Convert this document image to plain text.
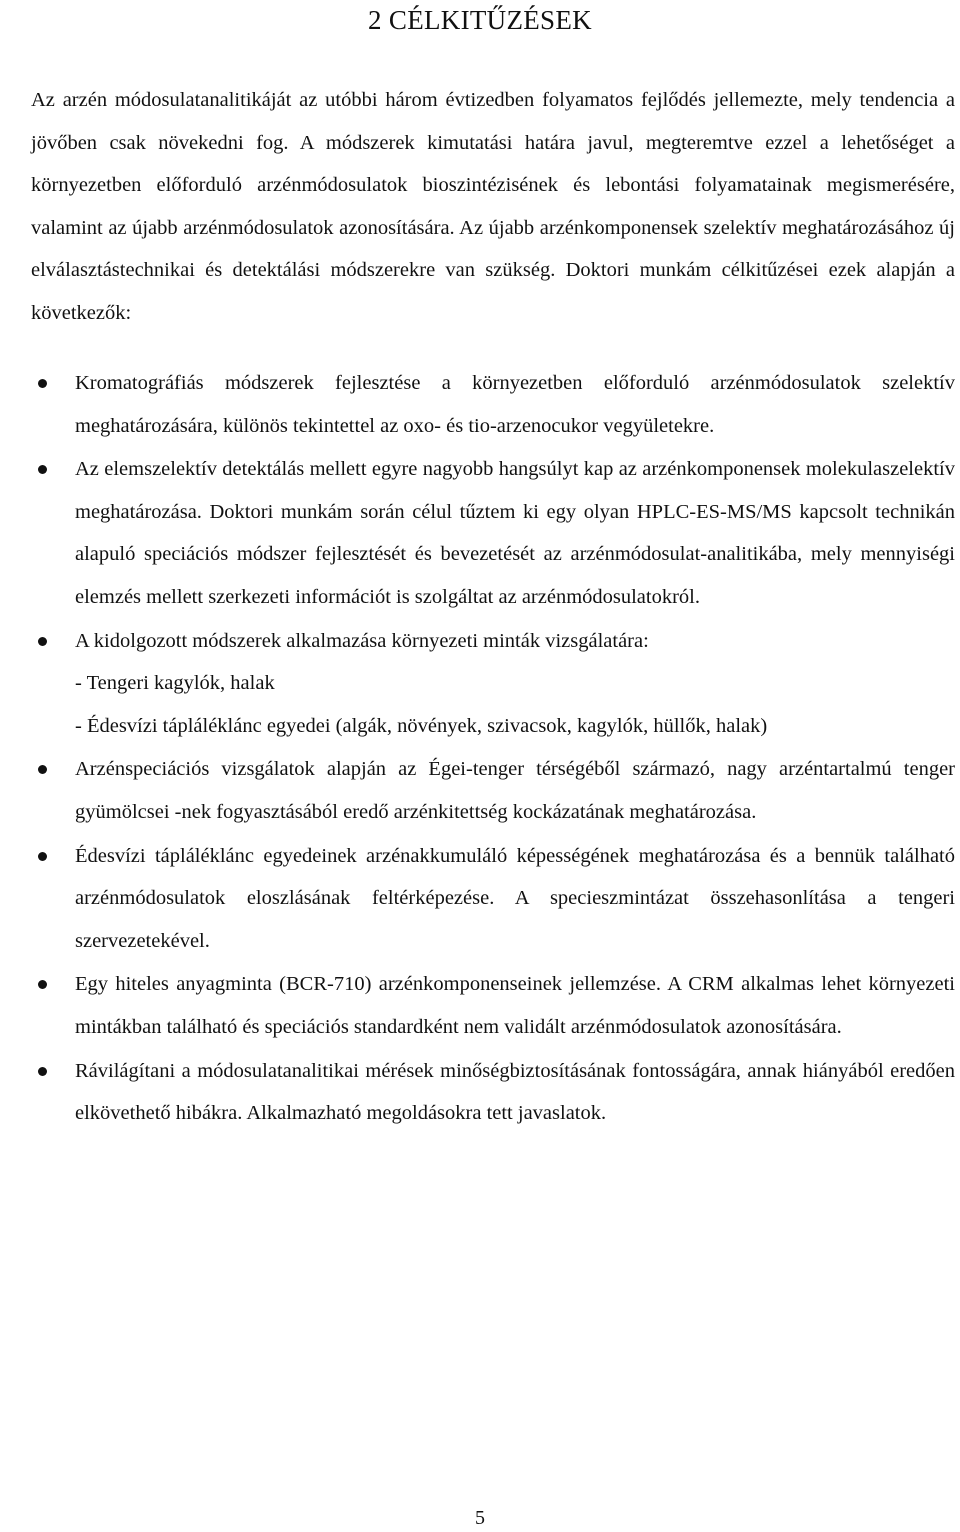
2 CÉLKITŰZÉSEK

Az arzén módosulatanalitikáját az utóbbi három évtizedben folyamatos fejlődés jellemezte, mely tendencia a jövőben csak növekedni fog. A módszerek kimutatási határa javul, megteremtve ezzel a lehetőséget a környezetben előforduló arzénmódosulatok bioszintézisének és lebontási folyamatainak megismerésére, valamint az újabb arzénmódosulatok azonosítására. Az újabb arzénkomponensek szelektív meghatározásához új elválasztástechnikai és detektálási módszerekre van szükség. Doktori munkám célkitűzései ezek alapján a következők:

Kromatográfiás módszerek fejlesztése a környezetben előforduló arzénmódosulatok szelektív meghatározására, különös tekintettel az oxo- és tio-arzenocukor vegyületekre.
Az elemszelektív detektálás mellett egyre nagyobb hangsúlyt kap az arzénkomponensek molekulaszelektív meghatározása. Doktori munkám során célul tűztem ki egy olyan HPLC-ES-MS/MS kapcsolt technikán alapuló speciációs módszer fejlesztését és bevezetését az arzénmódosulat-analitikába, mely mennyiségi elemzés mellett szerkezeti információt is szolgáltat az arzénmódosulatokról.
A kidolgozott módszerek alkalmazása környezeti minták vizsgálatára:
- Tengeri kagylók, halak
- Édesvízi tápláléklánc egyedei (algák, növények, szivacsok, kagylók, hüllők, halak)
Arzénspeciációs vizsgálatok alapján az Égei-tenger térségéből származó, nagy arzéntartalmú tenger gyümölcsei -nek fogyasztásából eredő arzénkitettség kockázatának meghatározása.
Édesvízi tápláléklánc egyedeinek arzénakkumuláló képességének meghatározása és a bennük található arzénmódosulatok eloszlásának feltérképezése. A specieszmintázat összehasonlítása a tengeri szervezetekével.
Egy hiteles anyagminta (BCR-710) arzénkomponenseinek jellemzése. A CRM alkalmas lehet környezeti mintákban található és speciációs standardként nem validált arzénmódosulatok azonosítására.
Rávilágítani a módosulatanalitikai mérések minőségbiztosításának fontosságára, annak hiányából eredően elkövethető hibákra. Alkalmazható megoldásokra tett javaslatok.

5
